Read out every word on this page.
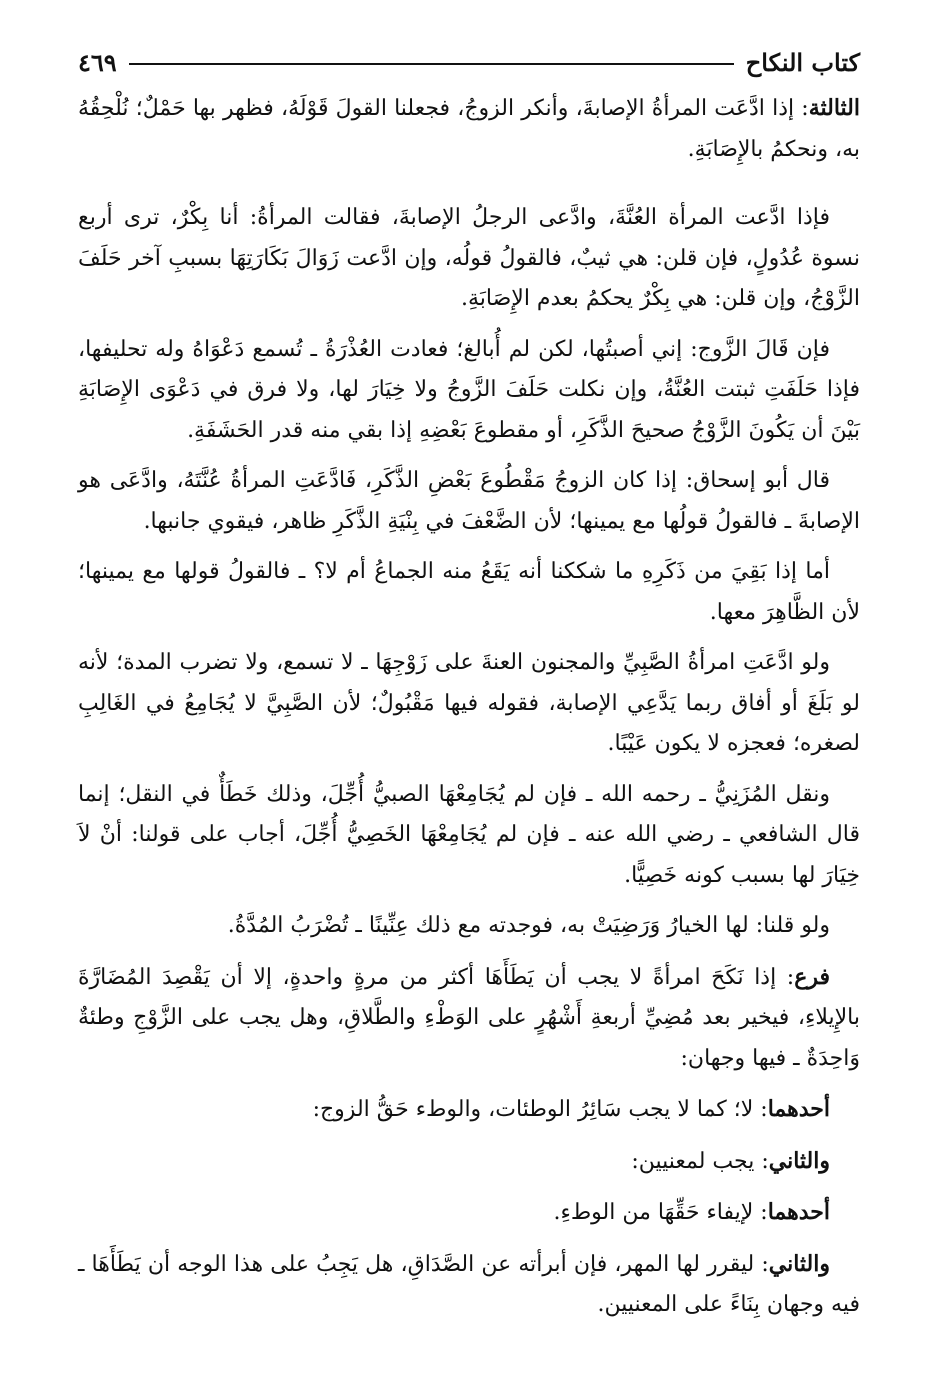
كتاب النكاح
٤٦٩

الثالثة: إذا ادَّعَت المرأةُ الإصابةَ، وأنكر الزوجُ، فجعلنا القولَ قَوْلَهُ، فظهر بها حَمْلٌ؛ نُلْحِقُهُ به، ونحكمُ بالإِصَابَةِ.

فإذا ادَّعت المرأة العُنَّةَ، وادَّعى الرجلُ الإصابةَ، فقالت المرأةُ: أنا بِكْرٌ، ترى أربع نسوة عُدُولٍ، فإن قلن: هي ثيبٌ، فالقولُ قولُه، وإن ادَّعت زَوَالَ بَكَارَتِهَا بسببِ آخر حَلَفَ الزَّوْجُ، وإن قلن: هي بِكْرٌ يحكمُ بعدم الإِصَابَةِ.

فإن قَالَ الزَّوج: إني أصبتُها، لكن لم أُبالغ؛ فعادت العُذْرَةُ ـ تُسمع دَعْوَاهُ وله تحليفها، فإذا حَلَفَتِ ثبتت العُنَّةُ، وإن نكلت حَلَفَ الزَّوجُ ولا خِيَارَ لها، ولا فرق في دَعْوَى الإِصَابَةِ بَيْنَ أن يَكُونَ الزَّوْجُ صحيحَ الذَّكَرِ، أو مقطوعَ بَعْضِهِ إذا بقي منه قدر الحَشَفَةِ.

قال أبو إسحاق: إذا كان الزوجُ مَقْطُوعَ بَعْضِ الذَّكَرِ، فَادَّعَتِ المرأةُ عُنَّتَهُ، وادَّعَى هو الإصابةَ ـ فالقولُ قولُها مع يمينها؛ لأن الضَّعْفَ في بِنْيَةِ الذَّكَرِ ظاهر، فيقوي جانبها.

أما إذا بَقِيَ من ذَكَرِهِ ما شككنا أنه يَقَعُ منه الجماعُ أم لا؟ ـ فالقولُ قولها مع يمينها؛ لأن الظَّاهِرَ معها.

ولو ادَّعَتِ امرأةُ الصَّبِيِّ والمجنون العنةَ على زَوْجِهَا ـ لا تسمع، ولا تضرب المدة؛ لأنه لو بَلَغَ أو أفاق ربما يَدَّعِي الإصابة، فقوله فيها مَقْبُولٌ؛ لأن الصَّبِيَّ لا يُجَامِعُ في الغَالِبِ لصغره؛ فعجزه لا يكون عَيْبًا.

ونقل المُزَنِيُّ ـ رحمه الله ـ فإن لم يُجَامِعْهَا الصبيُّ أُجِّلَ، وذلك خَطَأٌ في النقل؛ إنما قال الشافعي ـ رضي الله عنه ـ فإن لم يُجَامِعْهَا الخَصِيُّ أُجِّلَ، أجاب على قولنا: أنْ لاَ خِيَارَ لها بسبب كونه خَصِيًّا.

ولو قلنا: لها الخيارُ وَرَضِيَتْ به، فوجدته مع ذلك عِنِّينًا ـ تُضْرَبُ المُدَّةُ.

فرع: إذا نَكَحَ امرأةً لا يجب أن يَطَأَهَا أكثر من مرةٍ واحدةٍ، إلا أن يَقْصِدَ المُضَارَّةَ بالإِيلاءِ، فيخير بعد مُضِيِّ أربعةِ أَشْهُرٍ على الوَطْءِ والطَّلاقِ، وهل يجب على الزَّوْجِ وطئةٌ وَاحِدَةٌ ـ فيها وجهان:

أحدهما: لا؛ كما لا يجب سَائِرُ الوطئات، والوطء حَقُّ الزوج:

والثاني: يجب لمعنيين:

أحدهما: لإيفاء حَقِّهَا من الوطءِ.

والثاني: ليقرر لها المهر، فإن أبرأته عن الصَّدَاقِ، هل يَجِبُ على هذا الوجه أن يَطَأَهَا ـ فيه وجهان بِنَاءً على المعنيين.
